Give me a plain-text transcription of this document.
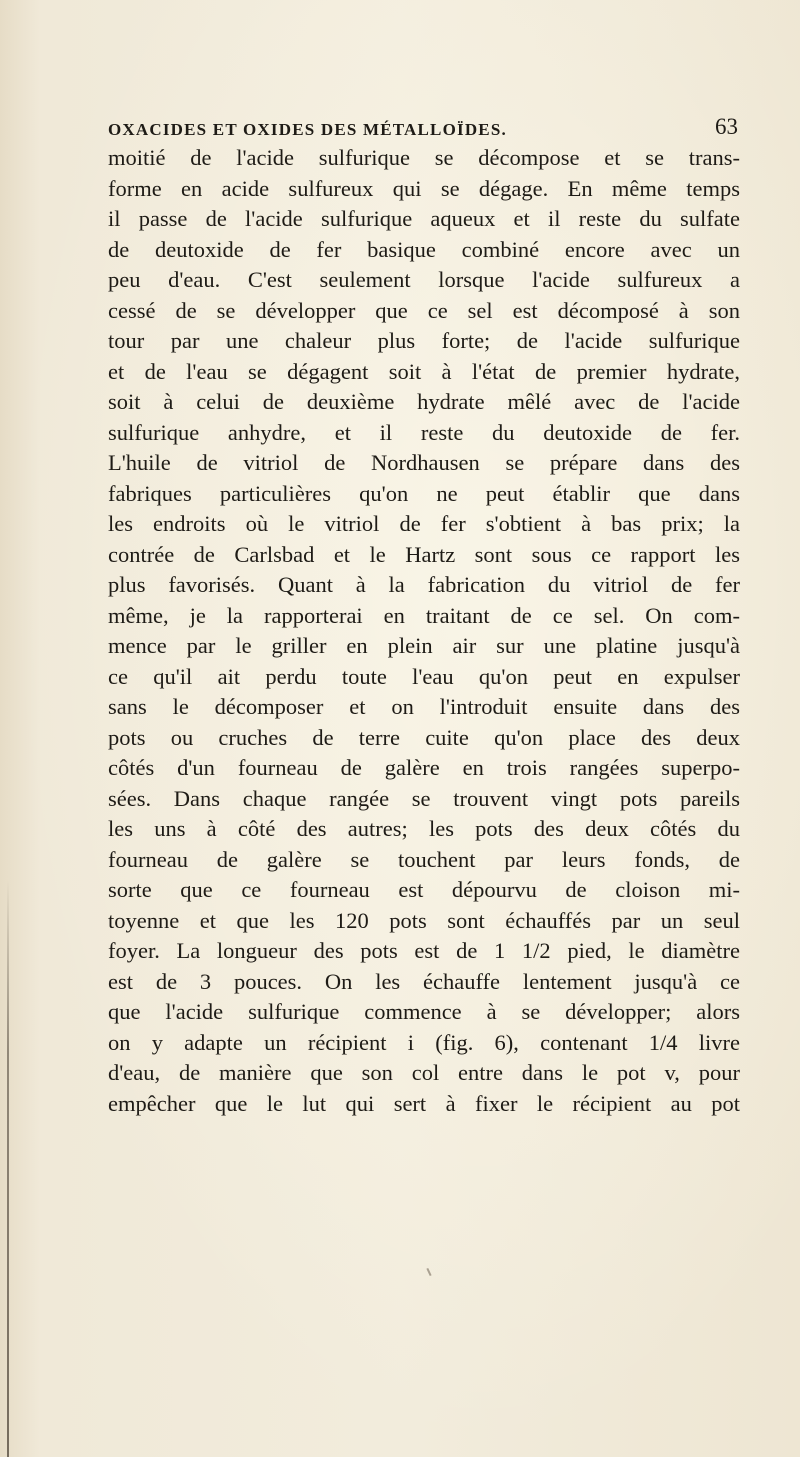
OXACIDES ET OXIDES DES MÉTALLOÏDES.	63
moitié de l'acide sulfurique se décompose et se trans-
forme en acide sulfureux qui se dégage. En même temps
il passe de l'acide sulfurique aqueux et il reste du sulfate
de deutoxide de fer basique combiné encore avec un
peu d'eau. C'est seulement lorsque l'acide sulfureux a
cessé de se développer que ce sel est décomposé à son
tour par une chaleur plus forte; de l'acide sulfurique
et de l'eau se dégagent soit à l'état de premier hydrate,
soit à celui de deuxième hydrate mêlé avec de l'acide
sulfurique anhydre, et il reste du deutoxide de fer.
L'huile de vitriol de Nordhausen se prépare dans des
fabriques particulières qu'on ne peut établir que dans
les endroits où le vitriol de fer s'obtient à bas prix; la
contrée de Carlsbad et le Hartz sont sous ce rapport les
plus favorisés. Quant à la fabrication du vitriol de fer
même, je la rapporterai en traitant de ce sel. On com-
mence par le griller en plein air sur une platine jusqu'à
ce qu'il ait perdu toute l'eau qu'on peut en expulser
sans le décomposer et on l'introduit ensuite dans des
pots ou cruches de terre cuite qu'on place des deux
côtés d'un fourneau de galère en trois rangées superpo-
sées. Dans chaque rangée se trouvent vingt pots pareils
les uns à côté des autres; les pots des deux côtés du
fourneau de galère se touchent par leurs fonds, de
sorte que ce fourneau est dépourvu de cloison mi-
toyenne et que les 120 pots sont échauffés par un seul
foyer. La longueur des pots est de 1 1/2 pied, le diamètre
est de 3 pouces. On les échauffe lentement jusqu'à ce
que l'acide sulfurique commence à se développer; alors
on y adapte un récipient i (fig. 6), contenant 1/4 livre
d'eau, de manière que son col entre dans le pot v, pour
empêcher que le lut qui sert à fixer le récipient au pot
